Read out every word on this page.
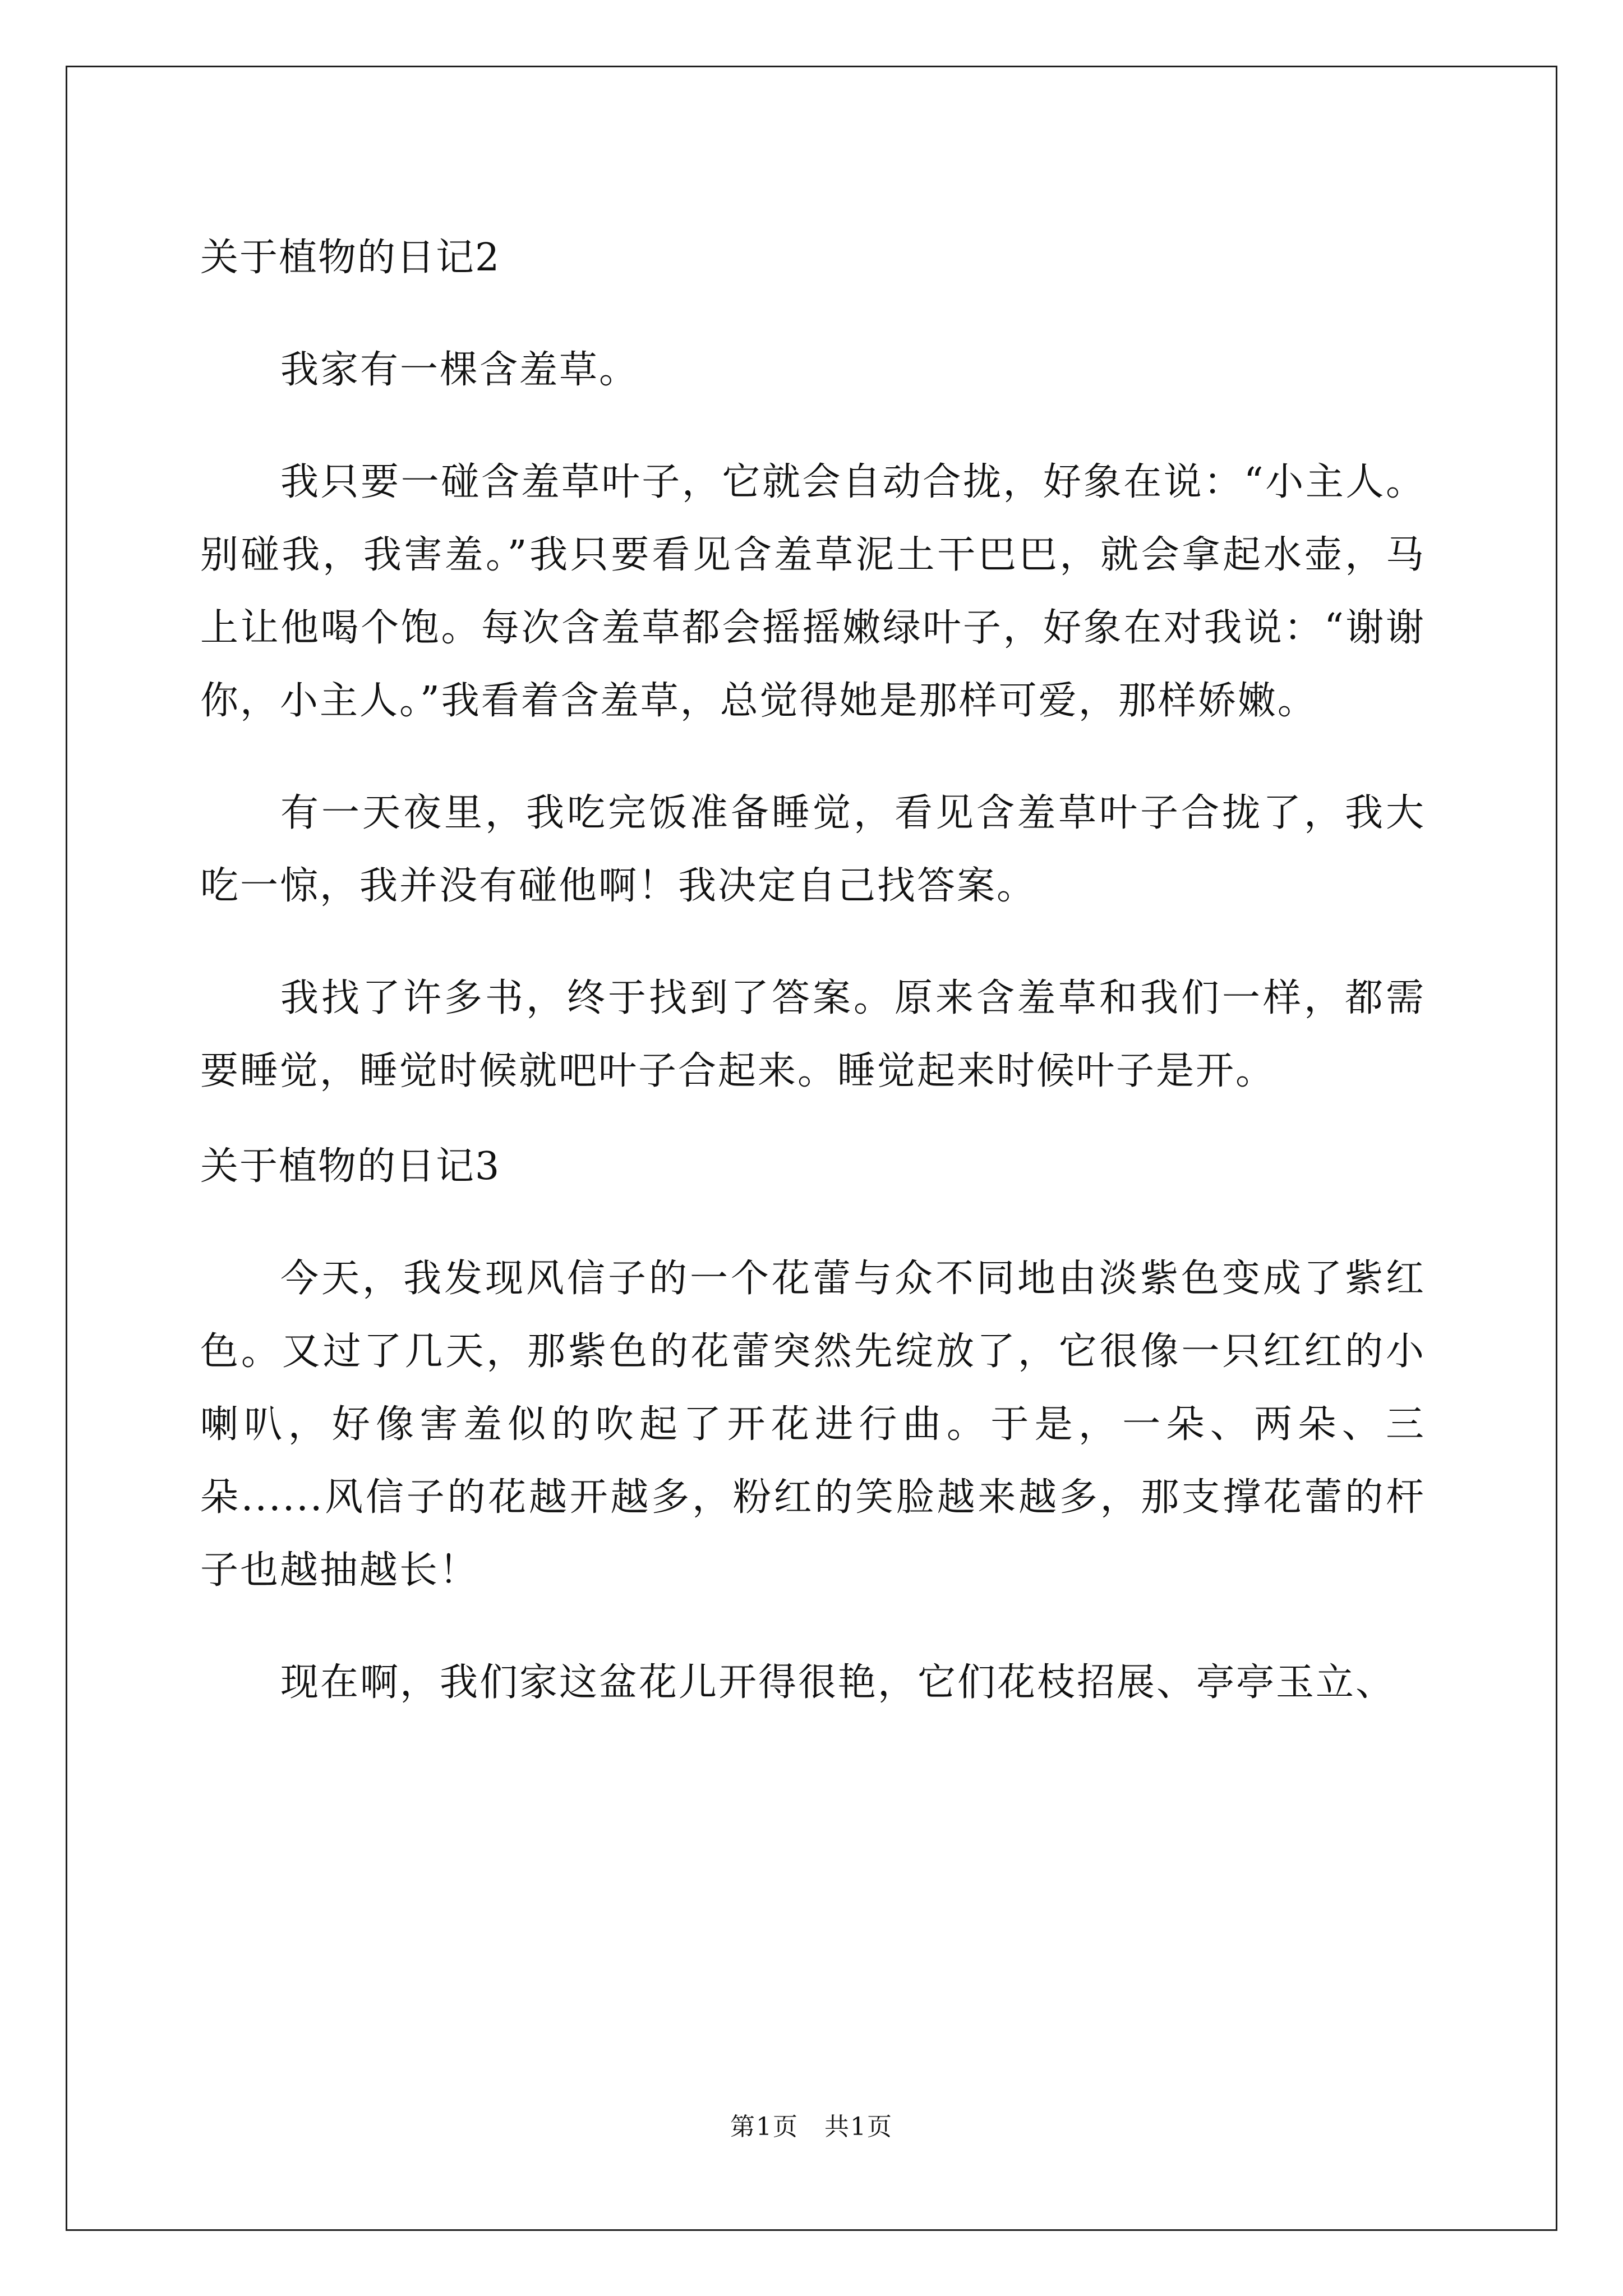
关于植物的日记2

我家有一棵含羞草。

我只要一碰含羞草叶子，它就会自动合拢，好象在说：“小主人。别碰我，我害羞。”我只要看见含羞草泥土干巴巴，就会拿起水壶，马上让他喝个饱。每次含羞草都会摇摇嫩绿叶子，好象在对我说：“谢谢你，小主人。”我看着含羞草，总觉得她是那样可爱，那样娇嫩。

有一天夜里，我吃完饭准备睡觉，看见含羞草叶子合拢了，我大吃一惊，我并没有碰他啊！我决定自己找答案。

我找了许多书，终于找到了答案。原来含羞草和我们一样，都需要睡觉，睡觉时候就吧叶子合起来。睡觉起来时候叶子是开。

关于植物的日记3

今天，我发现风信子的一个花蕾与众不同地由淡紫色变成了紫红色。又过了几天，那紫色的花蕾突然先绽放了，它很像一只红红的小喇叭，好像害羞似的吹起了开花进行曲。于是，一朵、两朵、三朵......风信子的花越开越多，粉红的笑脸越来越多，那支撑花蕾的杆子也越抽越长！

现在啊，我们家这盆花儿开得很艳，它们花枝招展、亭亭玉立、

第1页　共1页
